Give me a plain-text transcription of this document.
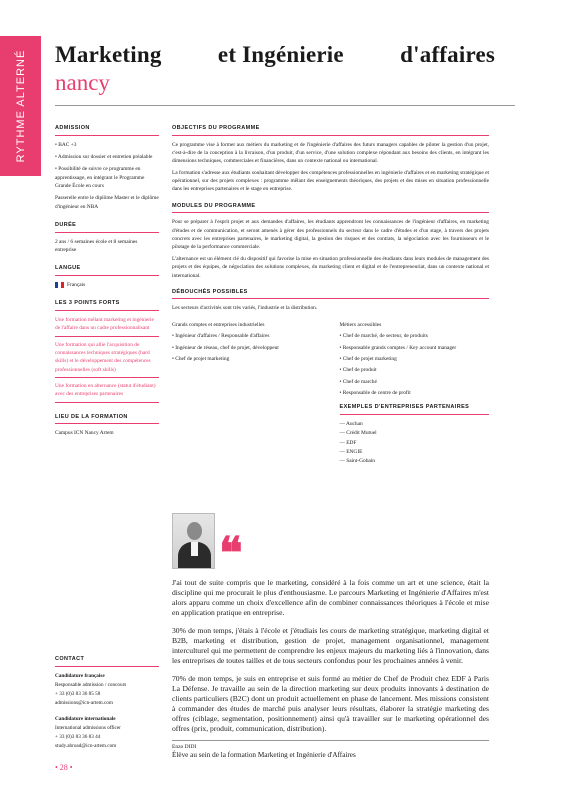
RYTHME ALTERNÉ Marketing et Ingénierie d'affaires
nancy
ADMISSION

• BAC +3

• Admission sur dossier et entretien préalable

• Possibilité de suivre ce programme en apprentissage, en intégrant le Programme Grande École en cours

Passerelle entre le diplôme Master et le diplôme d'ingénieur en NBA

DURÉE

2 ans / 6 semaines école et 8 semaines entreprise

LANGUE

Français

LES 3 POINTS FORTS

Une formation mêlant marketing et ingénierie de l'affaire dans un cadre professionnalisant

Une formation qui allie l'acquisition de connaissances techniques stratégiques (hard skills) et le développement des compétences professionnelles (soft skills)

Une formation en alternance (statut d'étudiant) avec des entreprises partenaires

LIEU DE LA FORMATION

Campus ICN Nancy Artem

OBJECTIFS DU PROGRAMME

Ce programme vise à former aux métiers du marketing et de l'ingénierie d'affaires des futurs managers capables de piloter la gestion d'un projet, c'est-à-dire de la conception à la livraison, d'un produit, d'un service, d'une solution complexe répondant aux besoins des clients, en intégrant les dimensions techniques, commerciales et financières, dans un contexte national ou international.

La formation s'adresse aux étudiants souhaitant développer des compétences professionnelles en ingénierie d'affaires et en marketing stratégique et opérationnel, sur des projets complexes : programme mêlant des enseignements théoriques, des projets et des mises en situation professionnelle dans les entreprises partenaires et le stage en entreprise.

MODULES DU PROGRAMME

Pour se préparer à l'esprit projet et aux demandes d'affaires, les étudiants apprendront les connaissances de l'ingénieur d'affaires, en marketing d'études et de communication, et seront amenés à gérer des professionnels du secteur dans le cadre d'études et d'un stage, à travers des projets concrets avec les entreprises partenaires, le marketing digital, la gestion des risques et des contrats, la négociation avec les fournisseurs et le pilotage de la performance commerciale.

L'alternance est un élément clé du dispositif qui favorise la mise en situation professionnelle des étudiants dans leurs modules de management des projets et des équipes, de négociation des solutions complexes, du marketing client et digital et de l'entrepreneuriat, dans un contexte national et international.

DÉBOUCHÉS POSSIBLES

Les secteurs d'activités sont très variés, l'industrie et la distribution.

Grands comptes et entreprises industrielles

• Ingénieur d'affaires / Responsable d'affaires

• Ingénieur de réseau, chef de projet, développeur

• Chef de projet marketing

Métiers accessibles

• Chef de marché, de secteur, de produits

• Responsable grands comptes / Key account manager

• Chef de projet marketing

• Chef de produit

• Chef de marché

• Responsable de centre de profit

EXEMPLES D'ENTREPRISES PARTENAIRES

— Auchan

— Crédit Mutuel

— EDF

— ENGIE

— Saint-Gobain

❝

J'ai tout de suite compris que le marketing, considéré à la fois comme un art et une science, était la discipline qui me procurait le plus d'enthousiasme. Le parcours Marketing et Ingénierie d'Affaires m'est alors apparu comme un choix d'excellence afin de combiner connaissances théoriques à l'école et mise en application pratique en entreprise.

30% de mon temps, j'étais à l'école et j'étudiais les cours de marketing stratégique, marketing digital et B2B, marketing et distribution, gestion de projet, management organisationnel, management interculturel qui me permettent de comprendre les enjeux majeurs du marketing liés à l'innovation, dans les entreprises de toutes tailles et de tous secteurs confondus pour les prochaines années à venir.

70% de mon temps, je suis en entreprise et suis formé au métier de Chef de Produit chez EDF à Paris La Défense. Je travaille au sein de la direction marketing sur deux produits innovants à destination de clients particuliers (B2C) dont un produit actuellement en phase de lancement. Mes missions consistent à commander des études de marché puis analyser leurs résultats, élaborer la stratégie marketing des offres (ciblage, segmentation, positionnement) ainsi qu'à travailler sur le marketing opérationnel des offres (prix, produit, communication, distribution).

Enzo DIDI
Élève au sein de la formation Marketing et Ingénierie d'Affaires
CONTACT

Candidature française

Responsable admission / concours

+ 33 (0)3 83 36 85 58

admissions@icn-artem.com

Candidature internationale

International admissions officer

+ 33 (0)3 83 36 83 44

study.abroad@icn-artem.com

• 28 •
